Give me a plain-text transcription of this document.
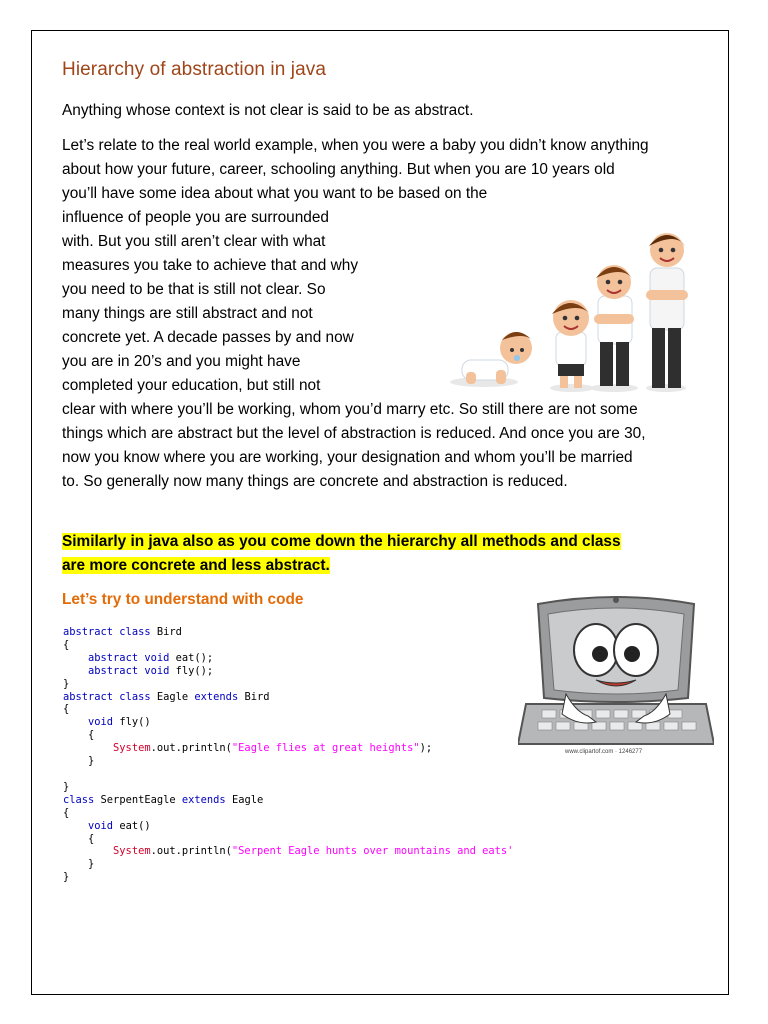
Hierarchy of abstraction in java

Anything whose context is not clear is said to be as abstract.

Let’s relate to the real world example, when you were a baby you didn’t know anything about how your future, career, schooling anything. But when you are 10 years old you’ll have some idea about what you want to be based on the

influence of people you are surrounded with. But you still aren’t clear with what measures you take to achieve that and why you need to be that is still not clear. So many things are still abstract and not concrete yet. A decade passes by and now you are in 20’s and you might have completed your education, but still not

clear with where you’ll be working, whom you’d marry etc. So still there are not some things which are abstract but the level of abstraction is reduced. And once you are 30, now you know where you are working, your designation and whom you’ll be married to. So generally now many things are concrete and abstraction is reduced.

Similarly in java also as you come down the hierarchy all methods and class are more concrete and less abstract.

Let’s try to understand with code
abstract class Bird
{
abstract void eat();
abstract void fly();
}
abstract class Eagle extends Bird
{
void fly()
{
System.out.println("Eagle flies at great heights");
}

}
class SerpentEagle extends Eagle
{
void eat()
{
System.out.println("Serpent Eagle hunts over mountains and eats'
}
}
www.clipartof.com · 1246277
